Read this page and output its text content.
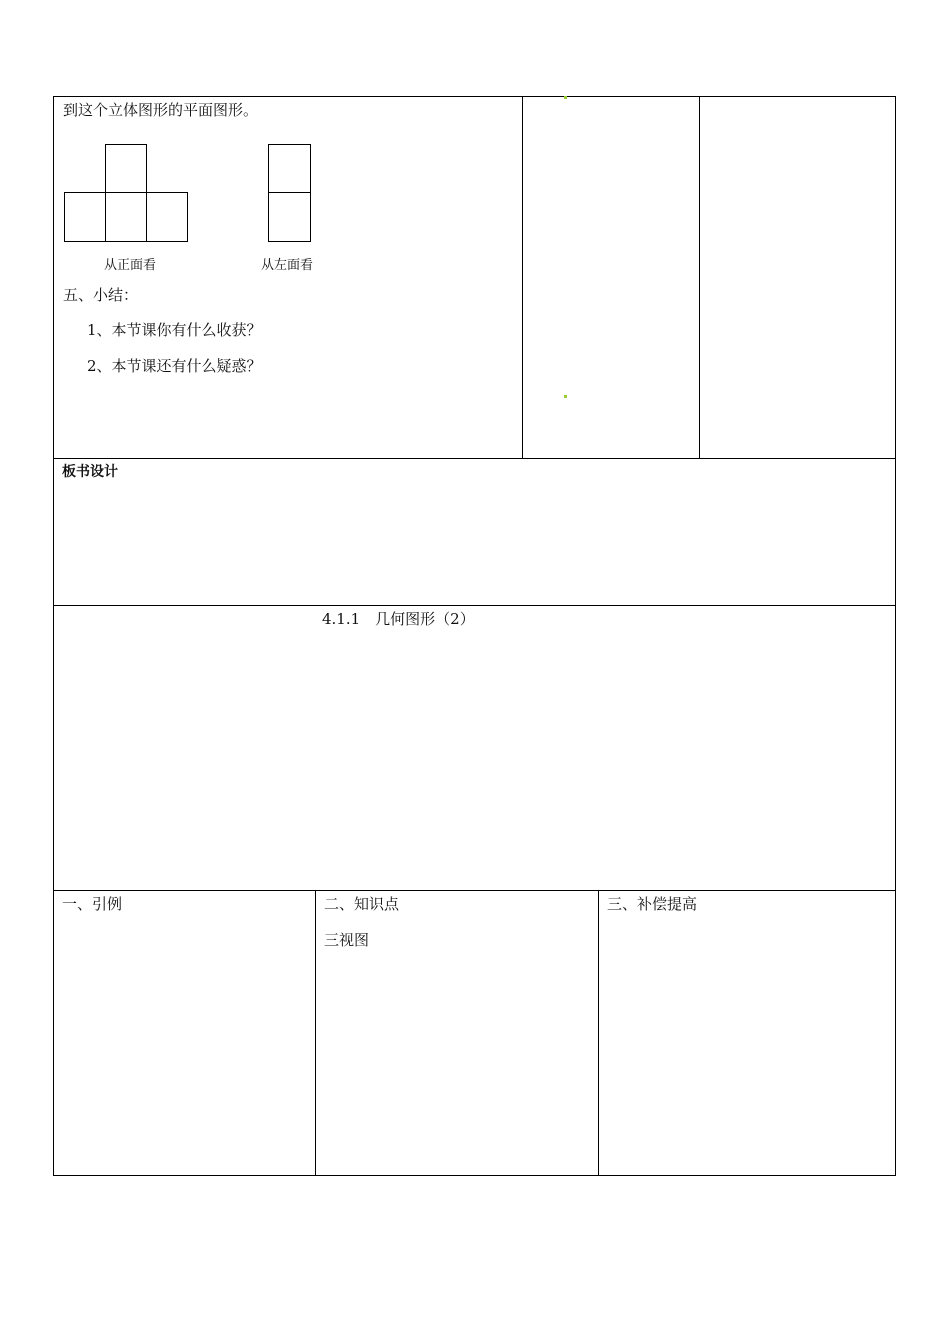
到这个立体图形的平面图形。
从正面看	从左面看
五、小结：
1、本节课你有什么收获？
2、本节课还有什么疑惑？
板书设计
4.1.1　几何图形（2）
一、引例	二、知识点
三视图
三、补偿提高
